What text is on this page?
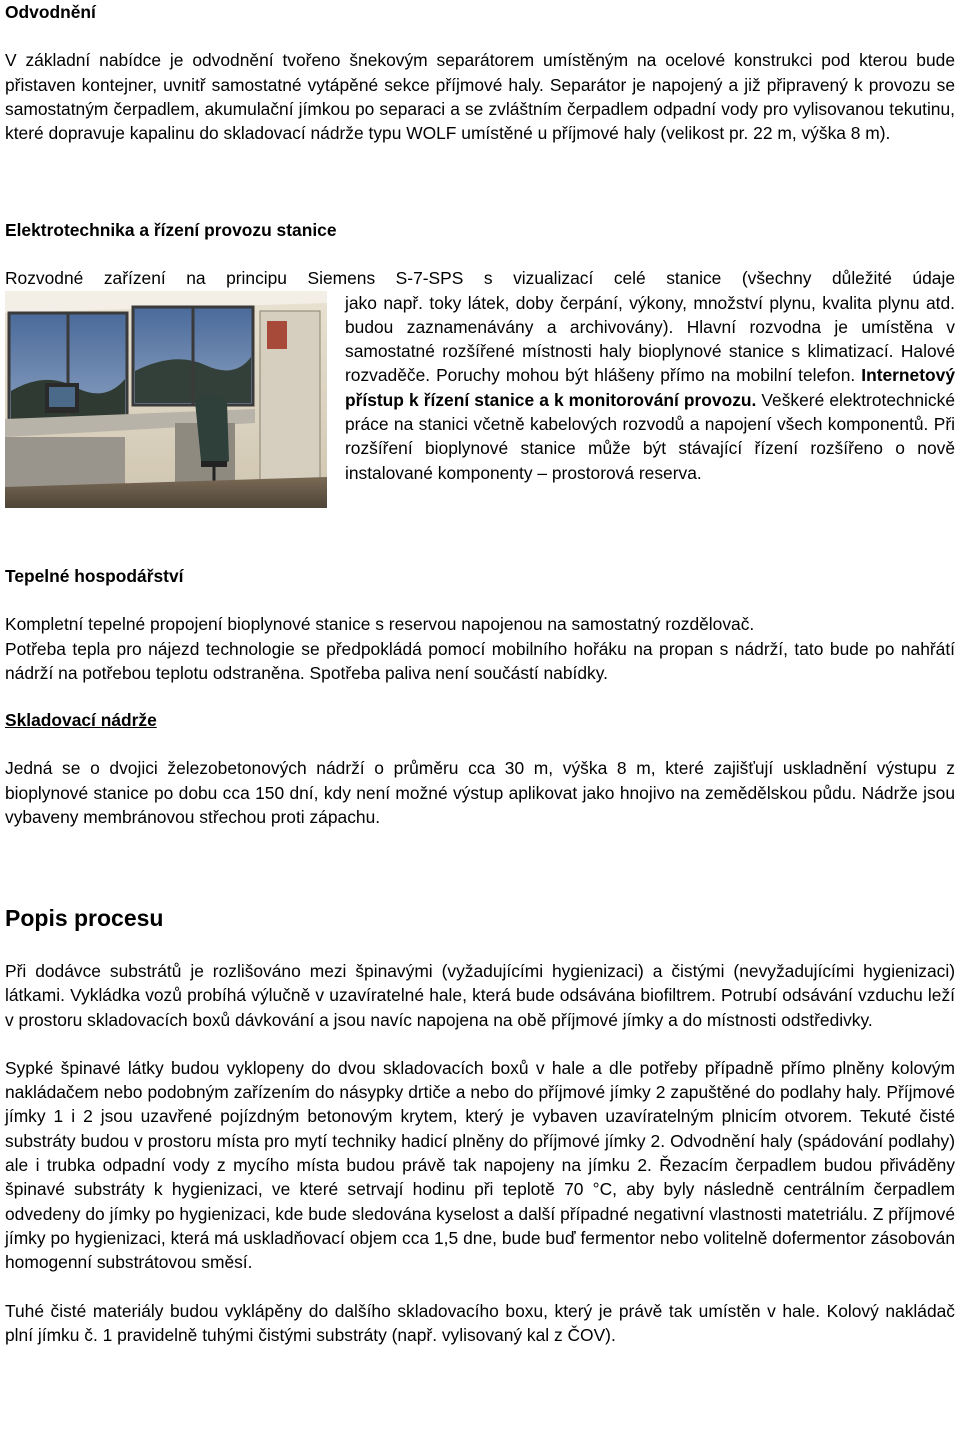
Odvodnění

V základní nabídce je odvodnění tvořeno šnekovým separátorem umístěným na ocelové konstrukci pod kterou bude přistaven kontejner, uvnitř samostatné vytápěné sekce příjmové haly. Separátor je napojený a již připravený k provozu se samostatným čerpadlem, akumulační jímkou po separaci a se zvláštním čerpadlem odpadní vody pro vylisovanou tekutinu, které dopravuje kapalinu do skladovací nádrže typu WOLF umístěné u příjmové haly (velikost pr. 22 m, výška 8 m).

Elektrotechnika a řízení provozu stanice

Rozvodné zařízení na principu Siemens S-7-SPS s vizualizací celé stanice (všechny důležité údaje

jako např. toky látek, doby čerpání, výkony, množství plynu, kvalita plynu atd. budou zaznamenávány a archivovány). Hlavní rozvodna je umístěna v samostatné rozšířené místnosti haly bioplynové stanice s klimatizací. Halové rozvaděče. Poruchy mohou být hlášeny přímo na mobilní telefon. Internetový přístup k řízení stanice a k monitorování provozu. Veškeré elektrotechnické práce na stanici včetně kabelových rozvodů a napojení všech komponentů. Při rozšíření bioplynové stanice může být stávající řízení rozšířeno o nově instalované komponenty – prostorová reserva.

Tepelné hospodářství

Kompletní tepelné propojení bioplynové stanice s reservou napojenou na samostatný rozdělovač.

Potřeba tepla pro nájezd technologie se předpokládá pomocí mobilního hořáku na propan s nádrží, tato bude po nahřátí nádrží na potřebou teplotu odstraněna. Spotřeba paliva není součástí nabídky.

Skladovací nádrže

Jedná se o dvojici železobetonových nádrží o průměru cca 30 m, výška 8 m, které zajišťují uskladnění výstupu z bioplynové stanice po dobu cca 150 dní, kdy není možné výstup aplikovat jako hnojivo na zemědělskou půdu. Nádrže jsou vybaveny membránovou střechou proti zápachu.

Popis procesu

Při dodávce substrátů je rozlišováno mezi špinavými (vyžadujícími hygienizaci) a čistými (nevyžadujícími hygienizaci) látkami. Vykládka vozů probíhá výlučně v uzavíratelné hale, která bude odsávána biofiltrem. Potrubí odsávání vzduchu leží v prostoru skladovacích boxů dávkování a jsou navíc napojena na obě příjmové jímky a do místnosti odstředivky.

Sypké špinavé látky budou vyklopeny do dvou skladovacích boxů v hale a dle potřeby případně přímo plněny kolovým nakládačem nebo podobným zařízením do násypky drtiče a nebo do příjmové jímky 2 zapuštěné do podlahy haly. Příjmové jímky 1 i 2 jsou uzavřené pojízdným betonovým krytem, který je vybaven uzavíratelným plnicím otvorem. Tekuté čisté substráty budou v prostoru místa pro mytí techniky hadicí plněny do příjmové jímky 2. Odvodnění haly (spádování podlahy) ale i trubka odpadní vody z mycího místa budou právě tak napojeny na jímku 2. Řezacím čerpadlem budou přiváděny špinavé substráty k hygienizaci, ve které setrvají hodinu při teplotě 70 °C, aby byly následně centrálním čerpadlem odvedeny do jímky po hygienizaci, kde bude sledována kyselost a další případné negativní vlastnosti matetriálu. Z příjmové jímky po hygienizaci, která má uskladňovací objem cca 1,5 dne, bude buď fermentor nebo volitelně dofermentor zásobován homogenní substrátovou směsí.

Tuhé čisté materiály budou vyklápěny do dalšího skladovacího boxu, který je právě tak umístěn v hale. Kolový nakládač plní jímku č. 1 pravidelně tuhými čistými substráty (např. vylisovaný kal z ČOV).
